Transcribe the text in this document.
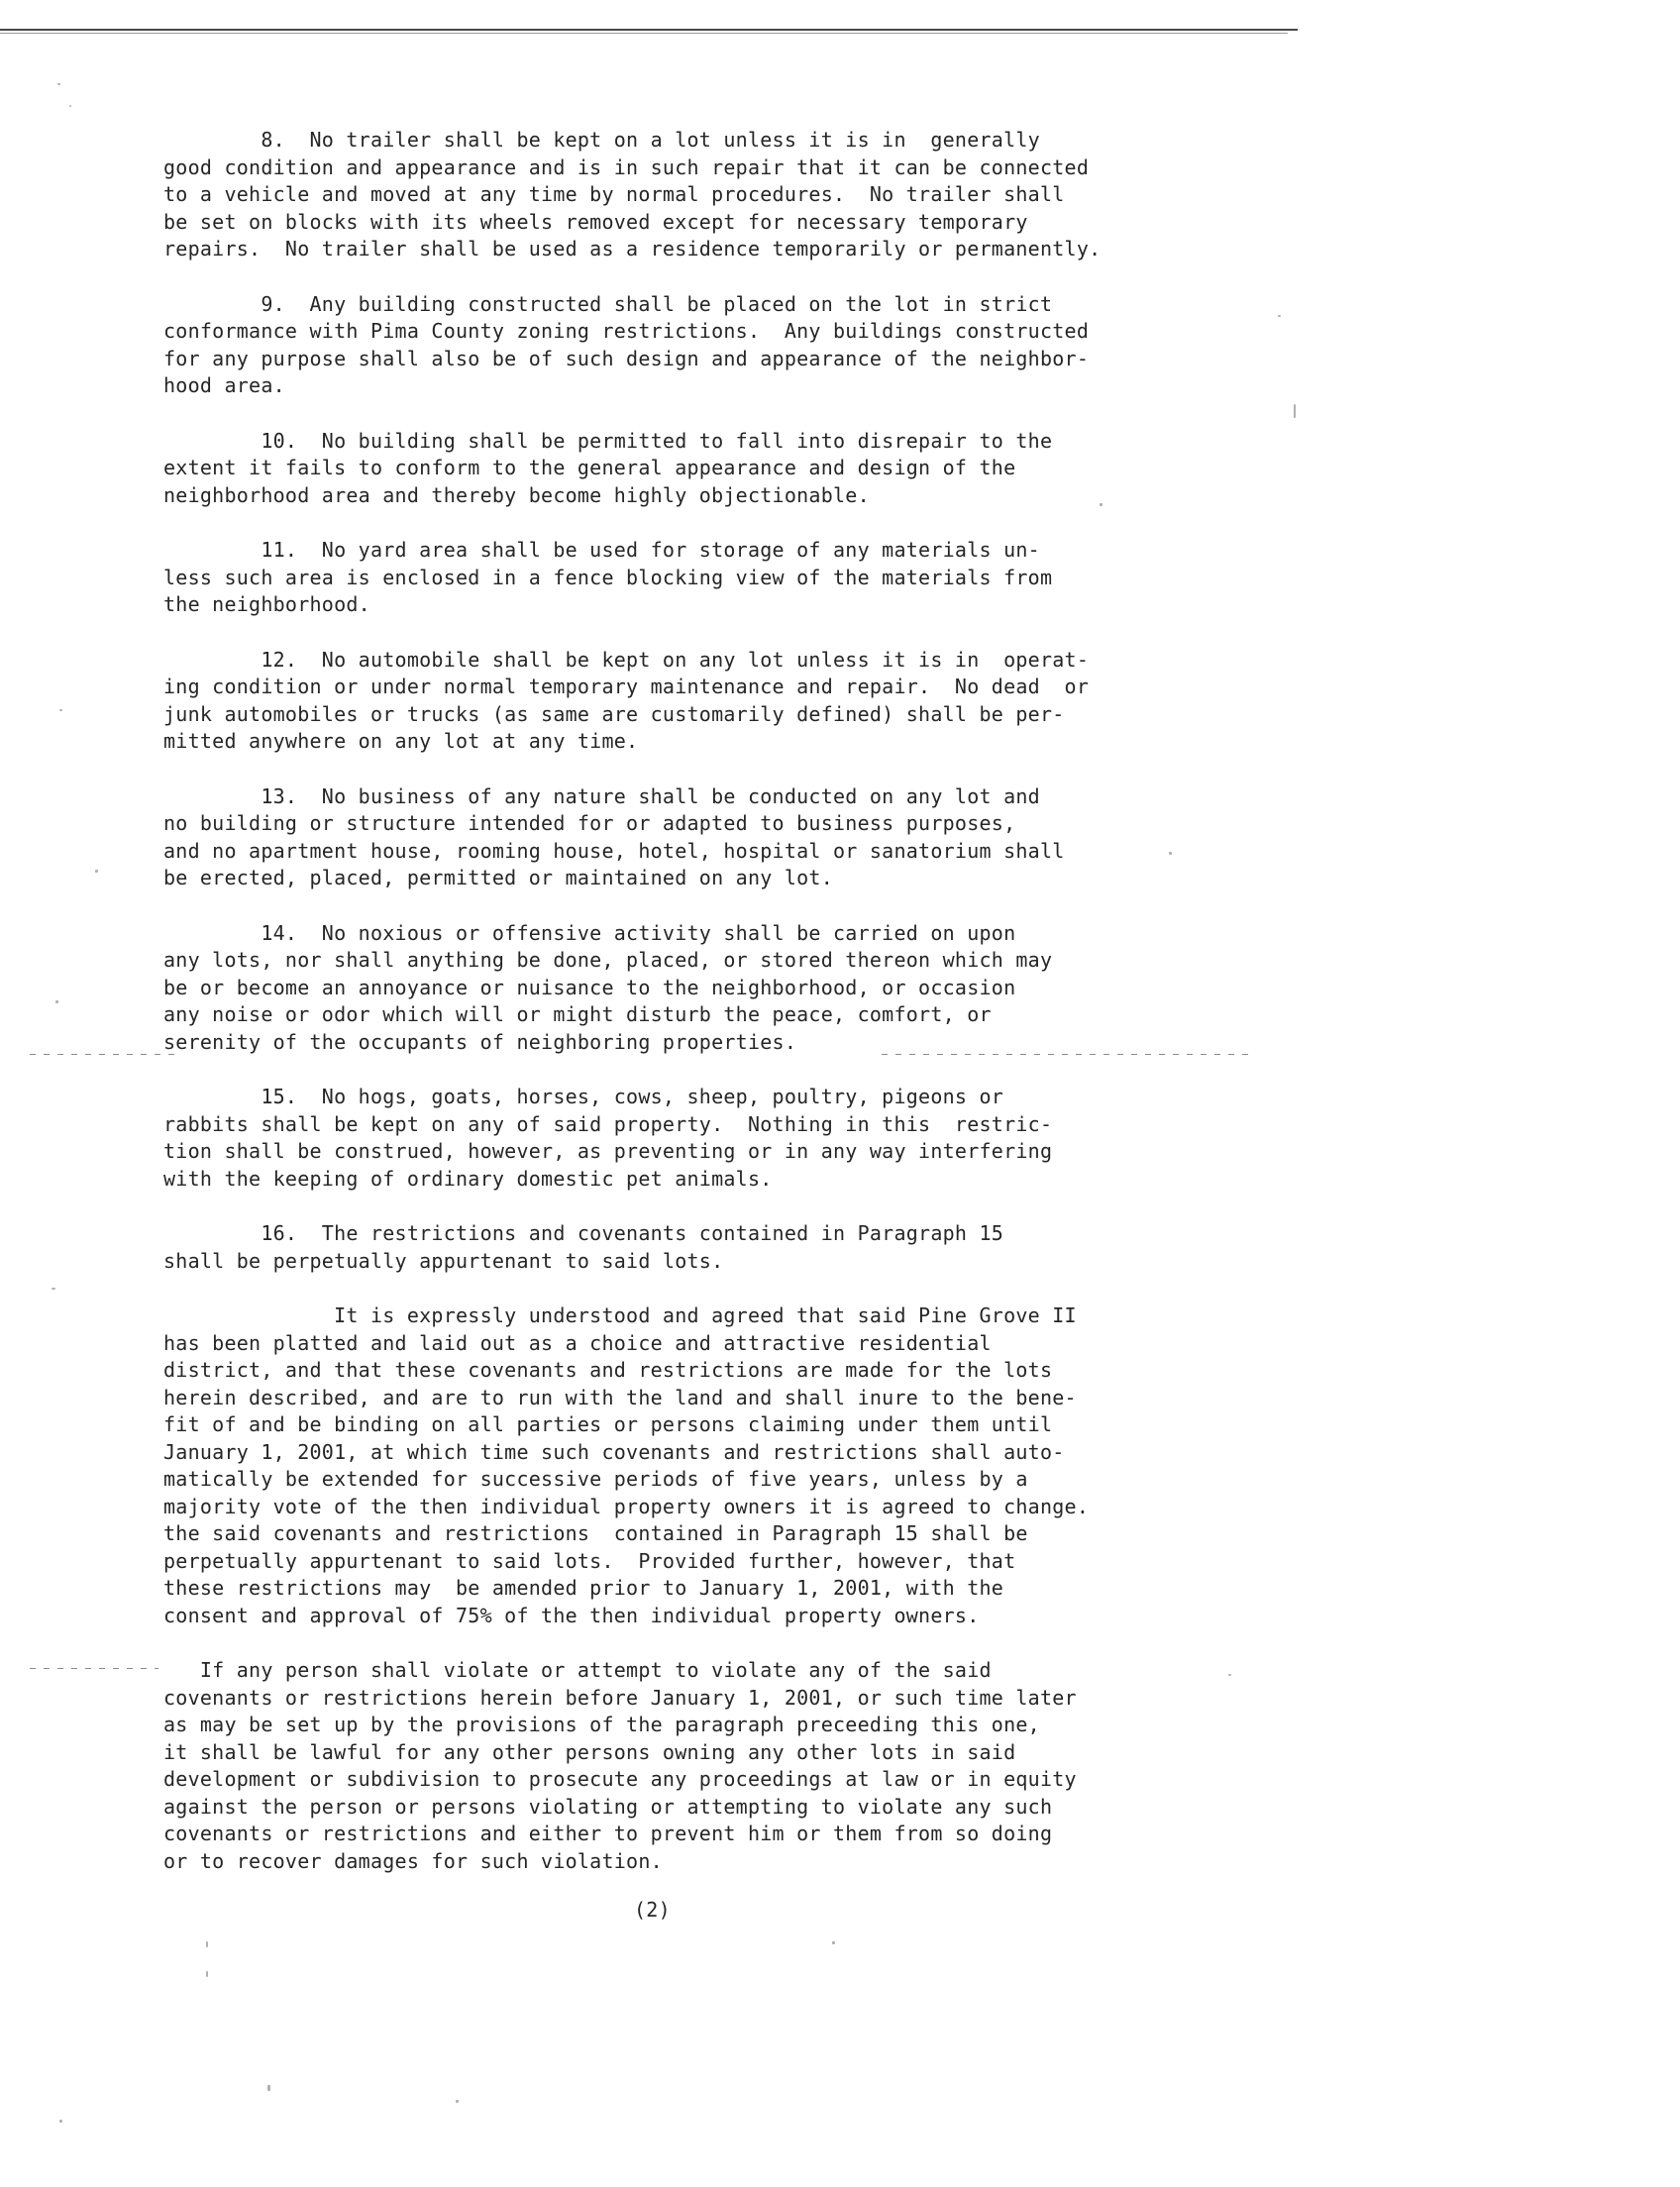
8.  No trailer shall be kept on a lot unless it is in  generally
good condition and appearance and is in such repair that it can be connected
to a vehicle and moved at any time by normal procedures.  No trailer shall
be set on blocks with its wheels removed except for necessary temporary
repairs.  No trailer shall be used as a residence temporarily or permanently.

9.  Any building constructed shall be placed on the lot in strict
conformance with Pima County zoning restrictions.  Any buildings constructed
for any purpose shall also be of such design and appearance of the neighbor-
hood area.

10.  No building shall be permitted to fall into disrepair to the
extent it fails to conform to the general appearance and design of the
neighborhood area and thereby become highly objectionable.

11.  No yard area shall be used for storage of any materials un-
less such area is enclosed in a fence blocking view of the materials from
the neighborhood.

12.  No automobile shall be kept on any lot unless it is in  operat-
ing condition or under normal temporary maintenance and repair.  No dead  or
junk automobiles or trucks (as same are customarily defined) shall be per-
mitted anywhere on any lot at any time.

13.  No business of any nature shall be conducted on any lot and
no building or structure intended for or adapted to business purposes,
and no apartment house, rooming house, hotel, hospital or sanatorium shall
be erected, placed, permitted or maintained on any lot.

14.  No noxious or offensive activity shall be carried on upon
any lots, nor shall anything be done, placed, or stored thereon which may
be or become an annoyance or nuisance to the neighborhood, or occasion
any noise or odor which will or might disturb the peace, comfort, or
serenity of the occupants of neighboring properties.

15.  No hogs, goats, horses, cows, sheep, poultry, pigeons or
rabbits shall be kept on any of said property.  Nothing in this  restric-
tion shall be construed, however, as preventing or in any way interfering
with the keeping of ordinary domestic pet animals.

16.  The restrictions and covenants contained in Paragraph 15
shall be perpetually appurtenant to said lots.

It is expressly understood and agreed that said Pine Grove II
has been platted and laid out as a choice and attractive residential
district, and that these covenants and restrictions are made for the lots
herein described, and are to run with the land and shall inure to the bene-
fit of and be binding on all parties or persons claiming under them until
January 1, 2001, at which time such covenants and restrictions shall auto-
matically be extended for successive periods of five years, unless by a
majority vote of the then individual property owners it is agreed to change.
the said covenants and restrictions  contained in Paragraph 15 shall be
perpetually appurtenant to said lots.  Provided further, however, that
these restrictions may  be amended prior to January 1, 2001, with the
consent and approval of 75% of the then individual property owners.

If any person shall violate or attempt to violate any of the said
covenants or restrictions herein before January 1, 2001, or such time later
as may be set up by the provisions of the paragraph preceeding this one,
it shall be lawful for any other persons owning any other lots in said
development or subdivision to prosecute any proceedings at law or in equity
against the person or persons violating or attempting to violate any such
covenants or restrictions and either to prevent him or them from so doing
or to recover damages for such violation.

(2)
